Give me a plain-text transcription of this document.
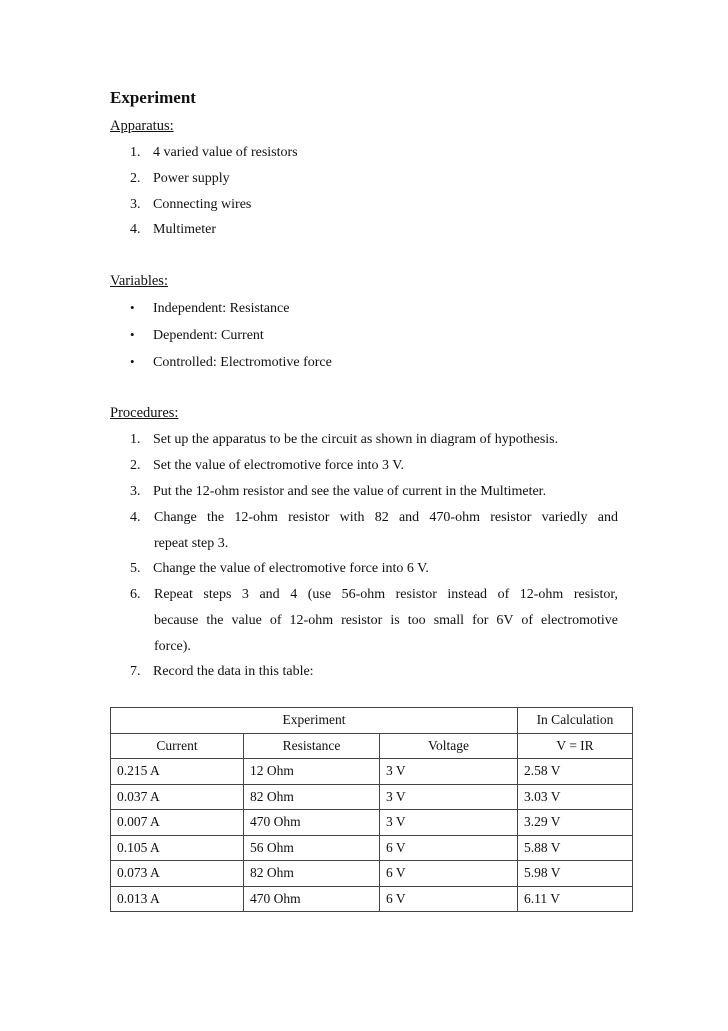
Experiment
Apparatus:
1. 4 varied value of resistors
2. Power supply
3. Connecting wires
4. Multimeter
Variables:
• Independent: Resistance
• Dependent: Current
• Controlled: Electromotive force
Procedures:
1. Set up the apparatus to be the circuit as shown in diagram of hypothesis.
2. Set the value of electromotive force into 3 V.
3. Put the 12-ohm resistor and see the value of current in the Multimeter.
4. Change the 12-ohm resistor with 82 and 470-ohm resistor variedly and
repeat step 3.
5. Change the value of electromotive force into 6 V.
6. Repeat steps 3 and 4 (use 56-ohm resistor instead of 12-ohm resistor,
because the value of 12-ohm resistor is too small for 6V of electromotive
force).
7. Record the data in this table:
Experiment			In Calculation
Current	Resistance	Voltage	V = IR
0.215 A	12 Ohm	3 V	2.58 V
0.037 A	82 Ohm	3 V	3.03 V
0.007 A	470 Ohm	3 V	3.29 V
0.105 A	56 Ohm	6 V	5.88 V
0.073 A	82 Ohm	6 V	5.98 V
0.013 A	470 Ohm	6 V	6.11 V
